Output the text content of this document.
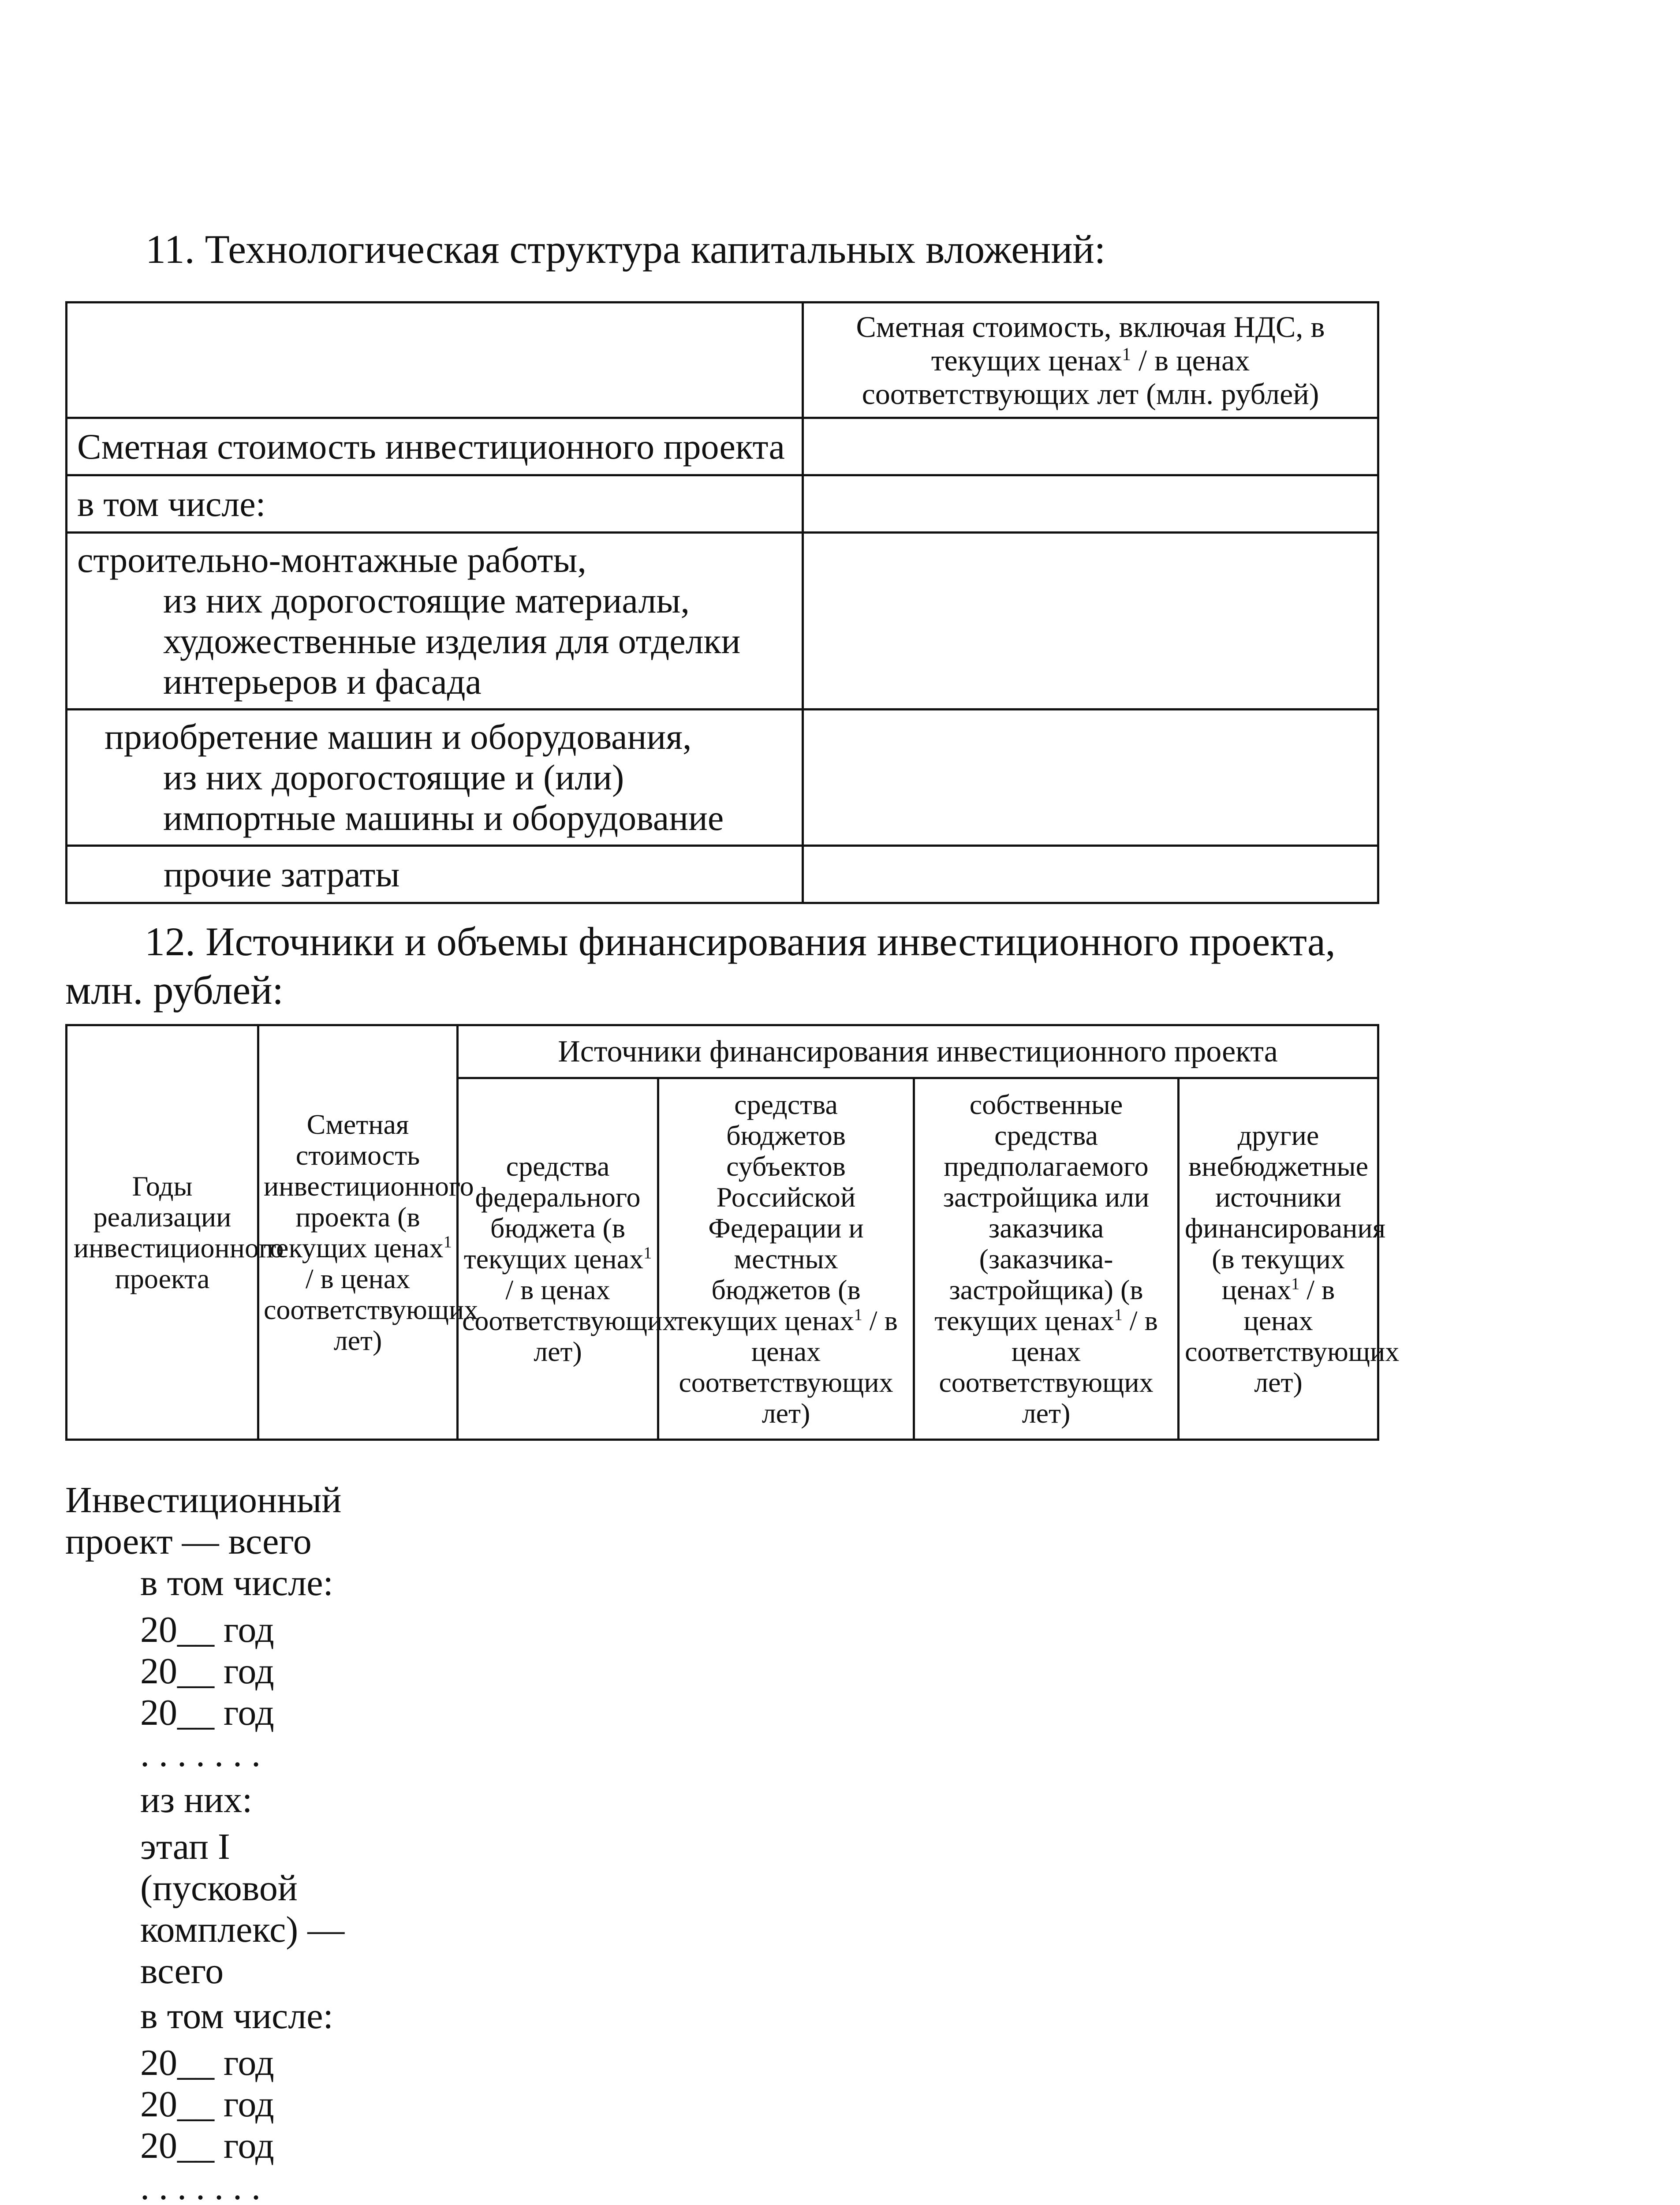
11. Технологическая структура капитальных вложений:

	Сметная стоимость, включая НДС, в текущих ценах$^1$ / в ценах соответствующих лет (млн. рублей)

Сметная стоимость инвестиционного проекта	

в том числе:	

строительно-монтажные работы,
из них дорогостоящие материалы,
художественные изделия для отделки
интерьеров и фасада	

приобретение машин и оборудования,
из них дорогостоящие и (или)
импортные машины и оборудование	

прочие затраты	

12. Источники и объемы финансирования инвестиционного проекта, млн. рублей:
Годы реализации инвестиционного проекта	Сметная стоимость инвестиционного проекта (в текущих ценах$^1$ / в ценах соответствующих лет)	Источники финансирования инвестиционного проекта			

		средства федерального бюджета (в текущих ценах$^1$ / в ценах соответствующих лет)	средства бюджетов субъектов Российской Федерации и местных бюджетов (в текущих ценах$^1$ / в ценах соответствующих лет)	собственные средства предполагаемого застройщика или заказчика (заказчика-застройщика) (в текущих ценах$^1$ / в ценах соответствующих лет)	другие внебюджетные источники финансирования (в текущих ценах$^1$ / в ценах соответствующих лет)
Инвестиционный проект — всего
в том числе:
20__ год
20__ год
20__ год
. . . . . . .
из них:
этап I (пусковой комплекс) — всего
в том числе:
20__ год
20__ год
20__ год
. . . . . . .
